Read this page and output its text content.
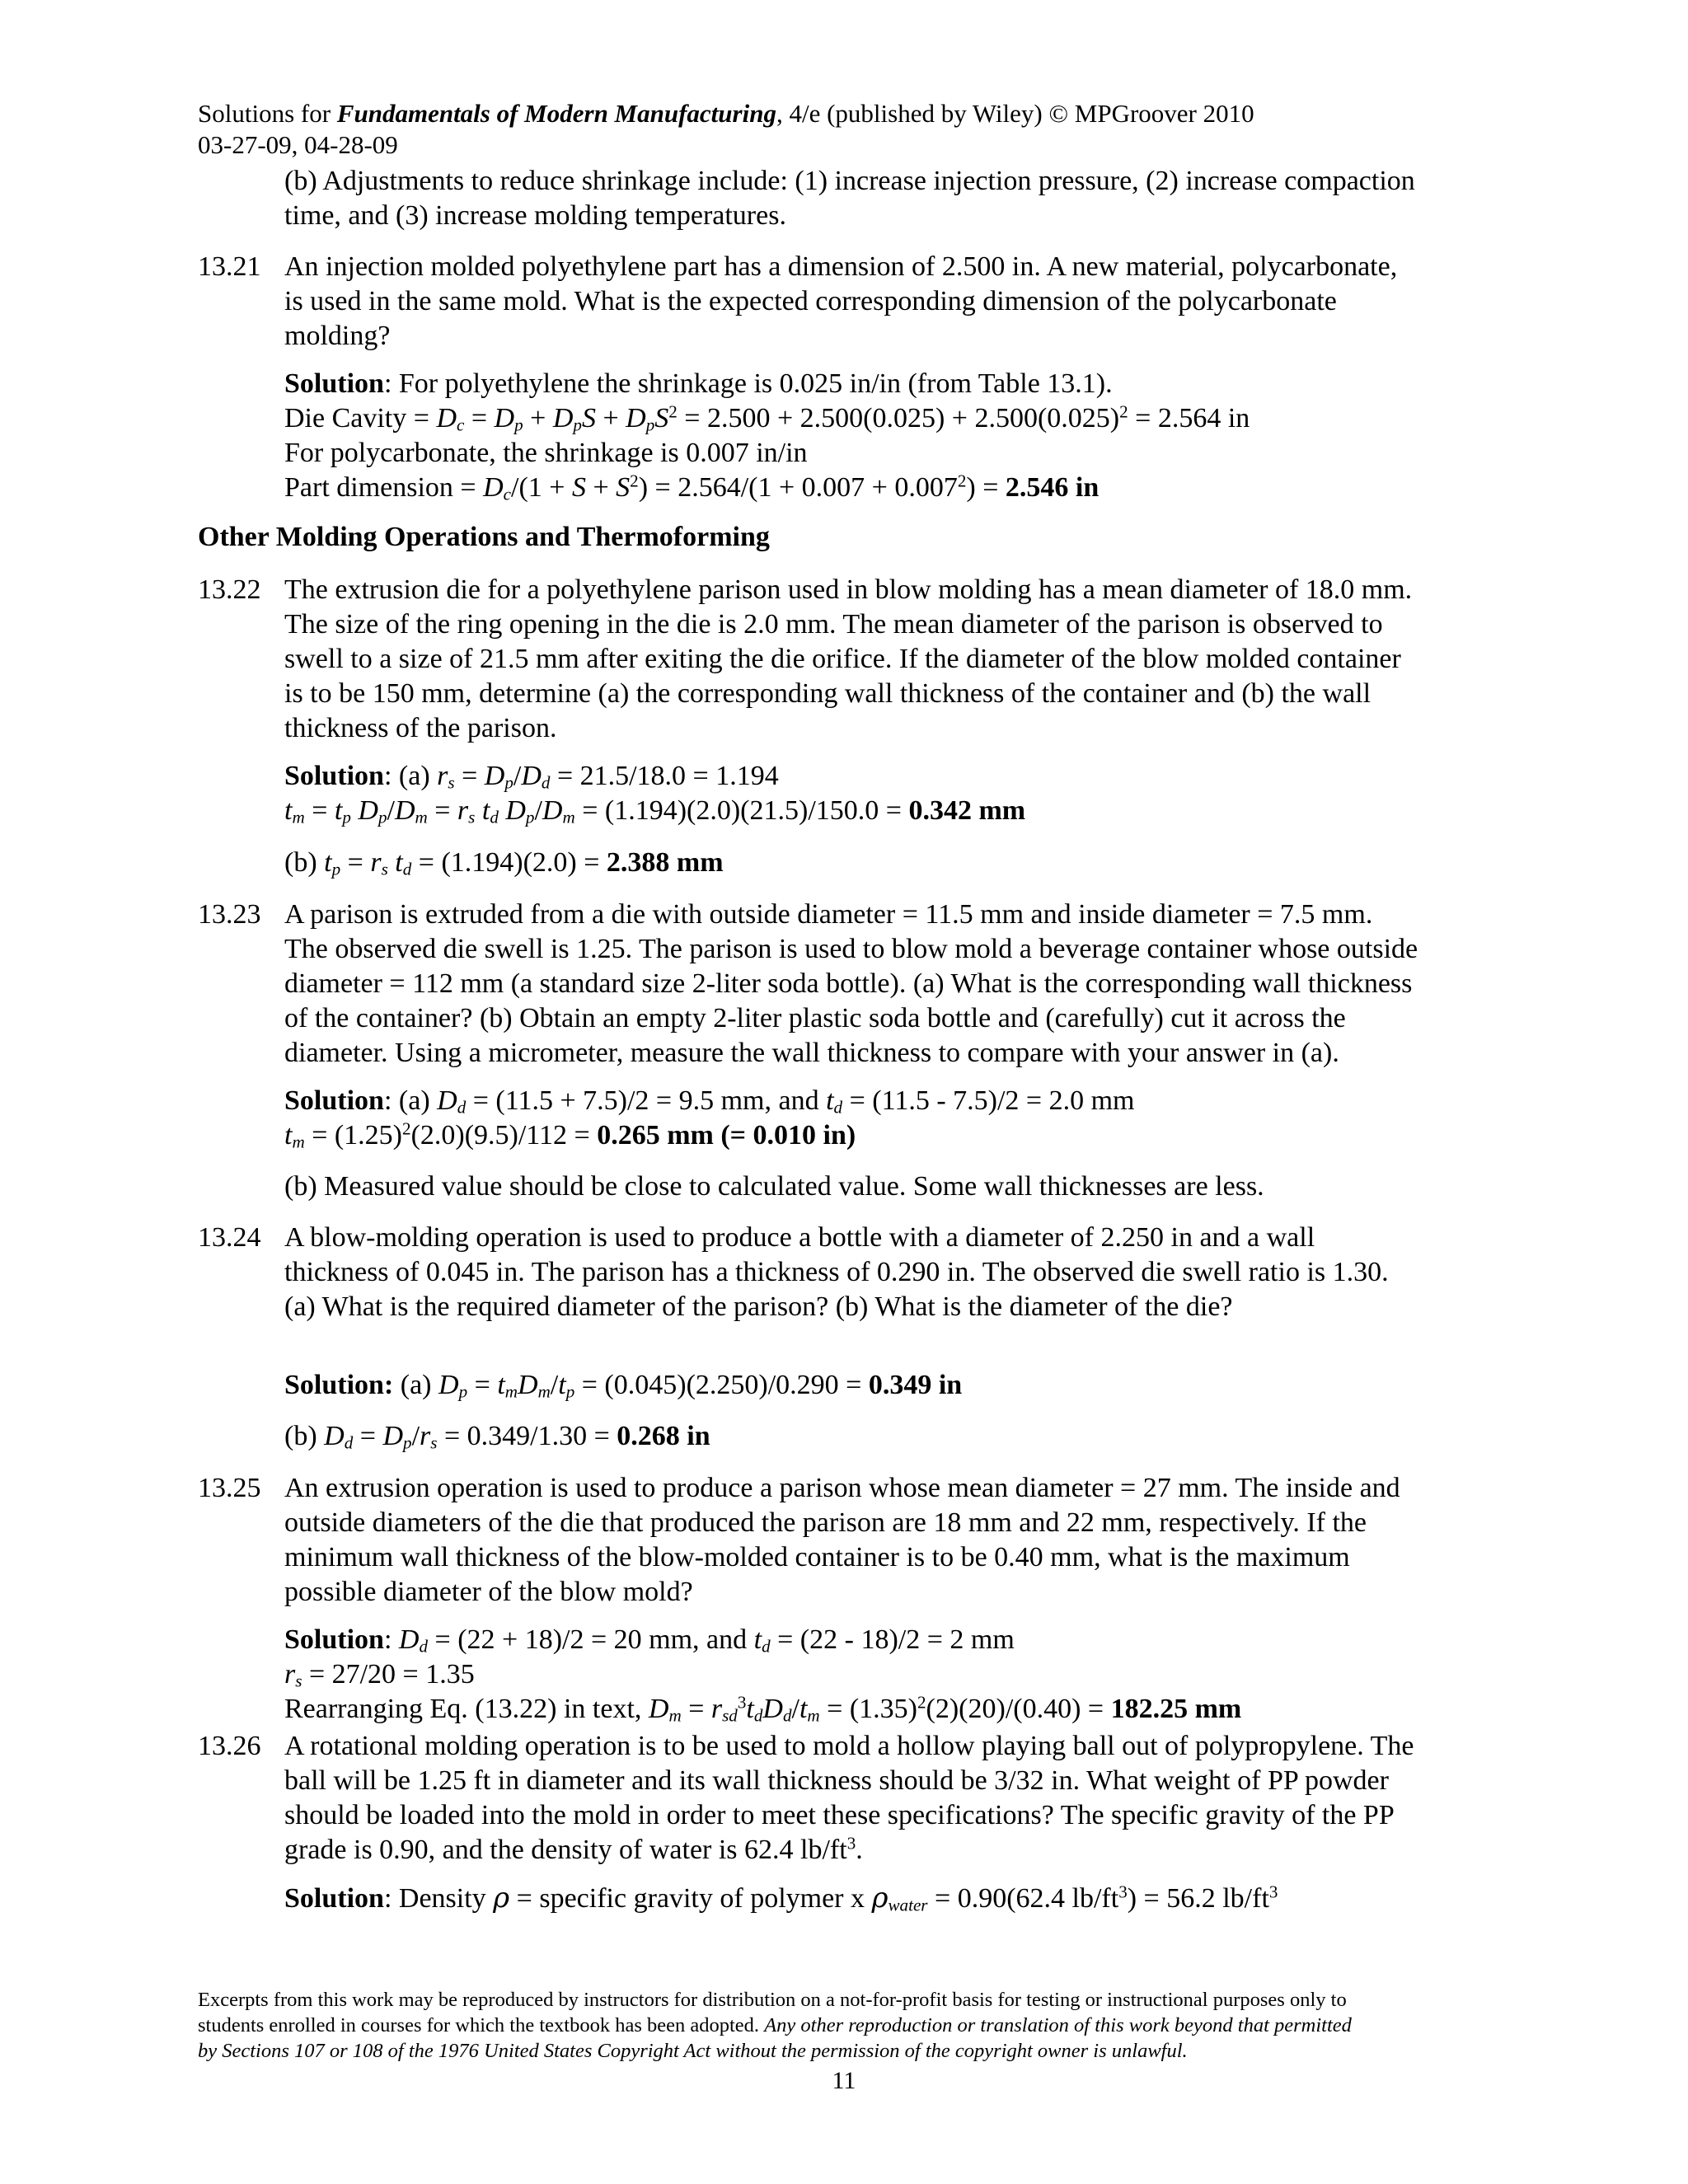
Solutions for Fundamentals of Modern Manufacturing, 4/e (published by Wiley) © MPGroover 2010
03-27-09, 04-28-09
(b) Adjustments to reduce shrinkage include: (1) increase injection pressure, (2) increase compaction
time, and (3) increase molding temperatures.
13.21 An injection molded polyethylene part has a dimension of 2.500 in. A new material, polycarbonate,
is used in the same mold. What is the expected corresponding dimension of the polycarbonate
molding?
Solution: For polyethylene the shrinkage is 0.025 in/in (from Table 13.1).
Die Cavity = $D_c = D_p + D_pS + D_pS^2 = 2.500 + 2.500(0.025) + 2.500(0.025)^2 = 2.564$ in
For polycarbonate, the shrinkage is 0.007 in/in
Part dimension = $D_c/(1 + S + S^2) = 2.564/(1 + 0.007 + 0.007^2) = 2.546$ in
Other Molding Operations and Thermoforming
13.22 The extrusion die for a polyethylene parison used in blow molding has a mean diameter of 18.0 mm.
The size of the ring opening in the die is 2.0 mm. The mean diameter of the parison is observed to
swell to a size of 21.5 mm after exiting the die orifice. If the diameter of the blow molded container
is to be 150 mm, determine (a) the corresponding wall thickness of the container and (b) the wall
thickness of the parison.
Solution: (a) $r_s = D_p/D_d = 21.5/18.0 = 1.194$
$t_m = t_p$ $D_p/D_m = r_s$ $t_d$ $D_p/D_m = (1.194)(2.0)(21.5)/150.0 = 0.342$ mm
(b) $t_p = r_s$ $t_d = (1.194)(2.0) = 2.388$ mm
13.23 A parison is extruded from a die with outside diameter = 11.5 mm and inside diameter = 7.5 mm.
The observed die swell is 1.25. The parison is used to blow mold a beverage container whose outside
diameter = 112 mm (a standard size 2-liter soda bottle). (a) What is the corresponding wall thickness
of the container? (b) Obtain an empty 2-liter plastic soda bottle and (carefully) cut it across the
diameter. Using a micrometer, measure the wall thickness to compare with your answer in (a).
Solution: (a) $D_d = (11.5 + 7.5)/2 = 9.5$ mm, and $t_d = (11.5 - 7.5)/2 = 2.0$ mm
$t_m = (1.25)^2(2.0)(9.5)/112 = 0.265$ mm (= 0.010 in)
(b) Measured value should be close to calculated value. Some wall thicknesses are less.
13.24 A blow-molding operation is used to produce a bottle with a diameter of 2.250 in and a wall
thickness of 0.045 in. The parison has a thickness of 0.290 in. The observed die swell ratio is 1.30.
(a) What is the required diameter of the parison? (b) What is the diameter of the die?
Solution: (a) $D_p = t_mD_m/t_p = (0.045)(2.250)/0.290 = 0.349$ in
(b) $D_d = D_p/r_s = 0.349/1.30 = 0.268$ in
13.25 An extrusion operation is used to produce a parison whose mean diameter = 27 mm. The inside and
outside diameters of the die that produced the parison are 18 mm and 22 mm, respectively. If the
minimum wall thickness of the blow-molded container is to be 0.40 mm, what is the maximum
possible diameter of the blow mold?
Solution: $D_d = (22 + 18)/2 = 20$ mm, and $t_d = (22 - 18)/2 = 2$ mm
$r_s = 27/20 = 1.35$
Rearranging Eq. (13.22) in text, $D_m = r_{sd}^3t_dD_d/t_m = (1.35)^2(2)(20)/(0.40) = 182.25$ mm
13.26 A rotational molding operation is to be used to mold a hollow playing ball out of polypropylene. The
ball will be 1.25 ft in diameter and its wall thickness should be 3/32 in. What weight of PP powder
should be loaded into the mold in order to meet these specifications? The specific gravity of the PP
grade is 0.90, and the density of water is 62.4 $lb/ft^3$.
Solution: Density ρ = specific gravity of polymer x $\rho_{water} = 0.90(62.4$ $lb/ft^3) = 56.2$ $lb/ft^3$
Excerpts from this work may be reproduced by instructors for distribution on a not-for-profit basis for testing or instructional purposes only to
students enrolled in courses for which the textbook has been adopted. Any other reproduction or translation of this work beyond that permitted
by Sections 107 or 108 of the 1976 United States Copyright Act without the permission of the copyright owner is unlawful.
11
